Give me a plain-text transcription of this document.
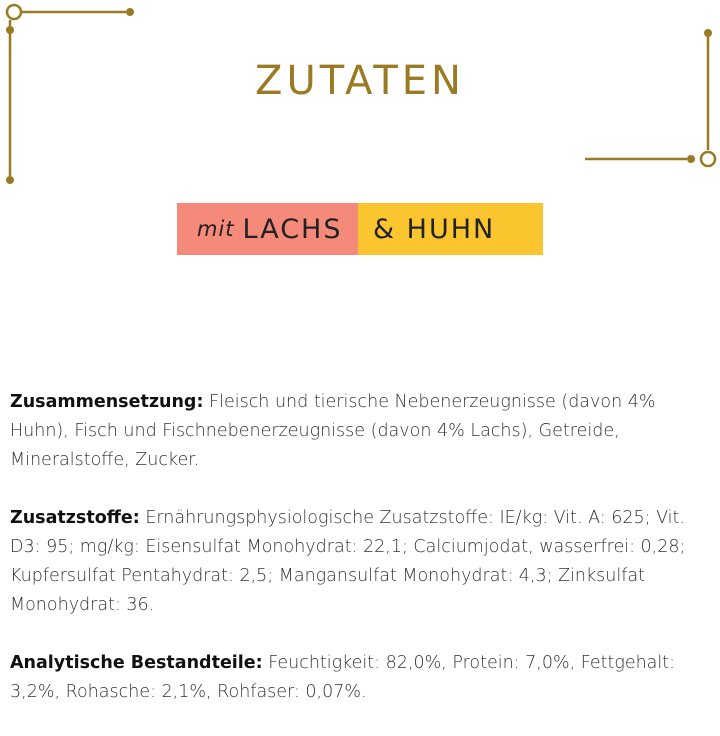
ZUTATEN
mit LACHS & HUHN

Zusammensetzung: Fleisch und tierische Nebenerzeugnisse (davon 4% Huhn), Fisch und Fischnebenerzeugnisse (davon 4% Lachs), Getreide, Mineralstoffe, Zucker.

Zusatzstoffe: Ernährungsphysiologische Zusatzstoffe: IE/kg: Vit. A: 625; Vit. D3: 95; mg/kg: Eisensulfat Monohydrat: 22,1; Calciumjodat, wasserfrei: 0,28; Kupfersulfat Pentahydrat: 2,5; Mangansulfat Monohydrat: 4,3; Zinksulfat Monohydrat: 36.

Analytische Bestandteile: Feuchtigkeit: 82,0%, Protein: 7,0%, Fettgehalt: 3,2%, Rohasche: 2,1%, Rohfaser: 0,07%.
